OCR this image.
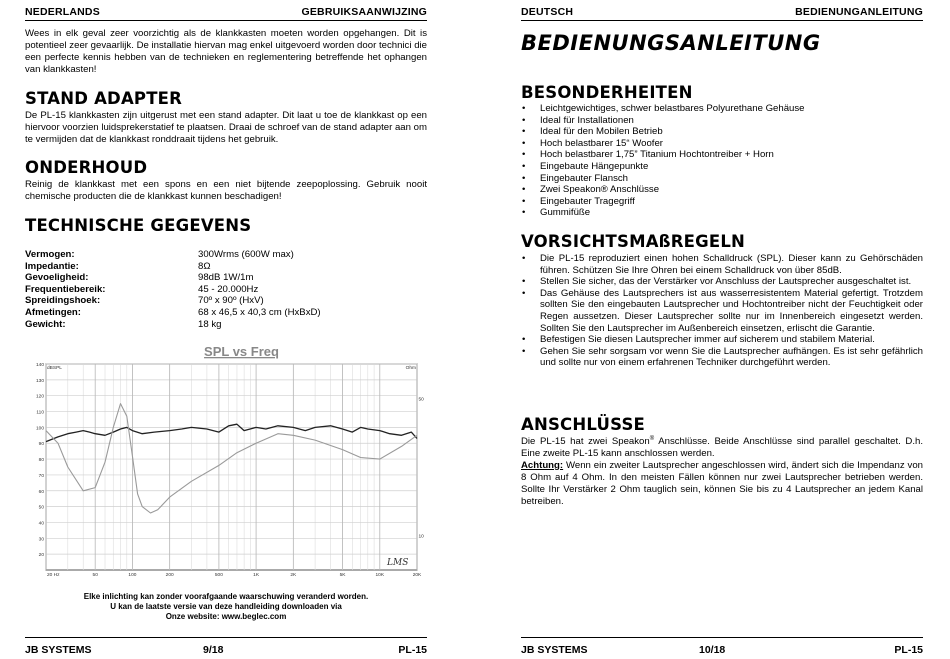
NEDERLANDS	GEBRUIKSAANWIJZING

Wees in elk geval zeer voorzichtig als de klankkasten moeten worden opgehangen. Dit is potentieel zeer gevaarlijk. De installatie hiervan mag enkel uitgevoerd worden door technici die een perfecte kennis hebben van de technieken en reglementering betreffende het ophangen van klankkasten!

STAND ADAPTER

De PL-15 klankkasten zijn uitgerust met een stand adapter. Dit laat u toe de klankkast op een hiervoor voorzien luidsprekerstatief te plaatsen. Draai de schroef van de stand adapter aan om te vermijden dat de klankkast ronddraait tijdens het gebruik.

ONDERHOUD

Reinig de klankkast met een spons en een niet bijtende zeepoplossing. Gebruik nooit chemische producten die de klankkast kunnen beschadigen!

TECHNISCHE GEGEVENS
Vermogen:	300Wrms (600W max)
Impedantie:	8Ω
Gevoeligheid:	98dB 1W/1m
Frequentiebereik:	45 - 20.000Hz
Spreidingshoek:	70º x 90º (HxV)
Afmetingen:	68 x 46,5 x 40,3 cm (HxBxD)
Gewicht:	18 kg
SPL vs Freq
20
30
40
50
60
70
80
90
100
110
120
130
140
20 Hz	50	100	200	500	1K	2K	5K	10K	20K
10
50
dBSPL	Ohm
LMS
Elke inlichting kan zonder voorafgaande waarschuwing veranderd worden.
U kan de laatste versie van deze handleiding downloaden via
Onze website: www.beglec.com
JB SYSTEMS	9/18	PL-15
DEUTSCH	BEDIENUNGANLEITUNG
BEDIENUNGSANLEITUNG
BESONDERHEITEN
• Leichtgewichtiges, schwer belastbares Polyurethane Gehäuse
• Ideal für Installationen
• Ideal für den Mobilen Betrieb
• Hoch belastbarer 15“ Woofer
• Hoch belastbarer 1,75” Titanium Hochtontreiber + Horn
• Eingebaute Hängepunkte
• Eingebauter Flansch
• Zwei Speakon® Anschlüsse
• Eingebauter Tragegriff
• Gummifüße
VORSICHTSMAßREGELN
• Die PL-15 reproduziert einen hohen Schalldruck (SPL). Dieser kann zu Gehörschäden führen. Schützen Sie Ihre Ohren bei einem Schalldruck von über 85dB.
• Stellen Sie sicher, das der Verstärker vor Anschluss der Lautsprecher ausgeschaltet ist.
• Das Gehäuse des Lautsprechers ist aus wasserresistentem Material gefertigt. Trotzdem sollten Sie den eingebauten Lautsprecher und Hochtontreiber nicht der Feuchtigkeit oder Regen aussetzen. Dieser Lautsprecher sollte nur im Innenbereich eingesetzt werden. Sollten Sie den Lautsprecher im Außenbereich einsetzen, erlischt die Garantie.
• Befestigen Sie diesen Lautsprecher immer auf sicherem und stabilem Material.
• Gehen Sie sehr sorgsam vor wenn Sie die Lautsprecher aufhängen. Es ist sehr gefährlich und sollte nur von einem erfahrenen Techniker durchgeführt werden.
ANSCHLÜSSE

Die PL-15 hat zwei Speakon® Anschlüsse. Beide Anschlüsse sind parallel geschaltet. D.h. Eine zweite PL-15 kann anschlossen werden.
Achtung: Wenn ein zweiter Lautsprecher angeschlossen wird, ändert sich die Impendanz von 8 Ohm auf 4 Ohm. In den meisten Fällen können nur zwei Lautsprecher betrieben werden. Sollte Ihr Verstärker 2 Ohm tauglich sein, können Sie bis zu 4 Lautsprecher an jedem Kanal betreiben.

JB SYSTEMS	10/18	PL-15
